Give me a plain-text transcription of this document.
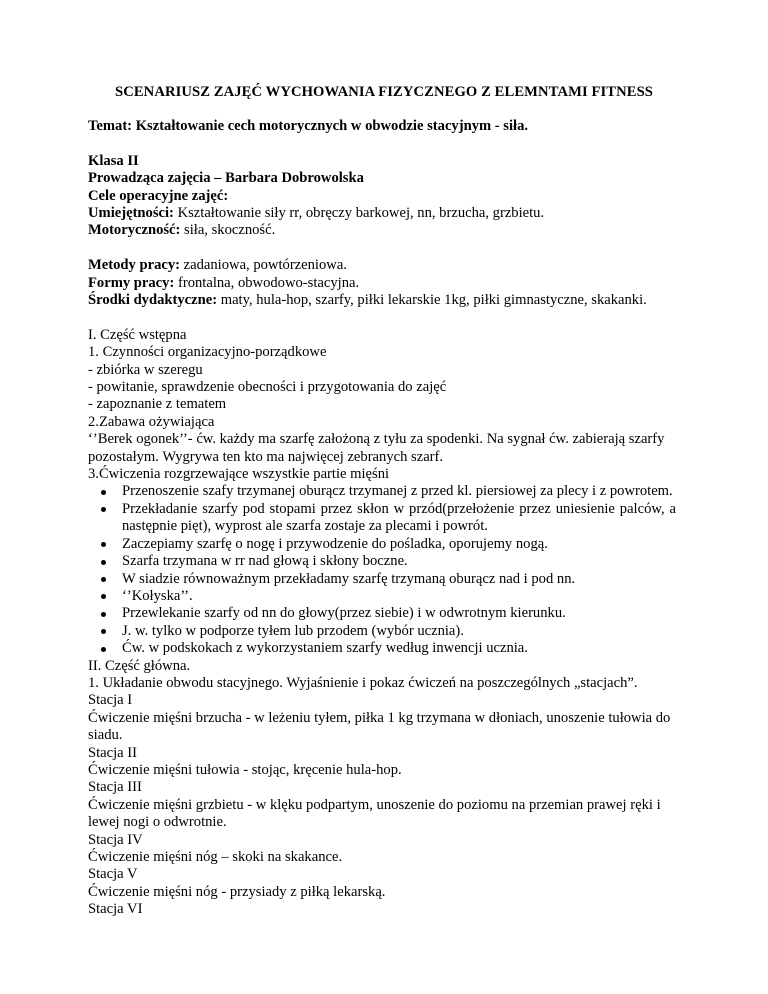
SCENARIUSZ ZAJĘĆ WYCHOWANIA FIZYCZNEGO Z ELEMNTAMI FITNESS

Temat: Kształtowanie cech motorycznych w obwodzie stacyjnym - siła.

Klasa II

Prowadząca zajęcia – Barbara Dobrowolska

Cele operacyjne zajęć:

Umiejętności: Kształtowanie siły rr, obręczy barkowej, nn, brzucha, grzbietu.

Motoryczność: siła, skoczność.

Metody pracy: zadaniowa, powtórzeniowa.

Formy pracy: frontalna, obwodowo-stacyjna.

Środki dydaktyczne: maty, hula-hop, szarfy, piłki lekarskie 1kg, piłki gimnastyczne, skakanki.

I. Część wstępna

1. Czynności organizacyjno-porządkowe

- zbiórka w szeregu

- powitanie, sprawdzenie obecności i przygotowania do zajęć

- zapoznanie z tematem

2.Zabawa ożywiająca

‘’Berek ogonek’’- ćw. każdy ma szarfę założoną z tyłu za spodenki. Na sygnał ćw. zabierają szarfy pozostałym. Wygrywa ten kto ma najwięcej zebranych szarf.

3.Ćwiczenia rozgrzewające wszystkie partie mięśni

Przenoszenie szafy trzymanej oburącz trzymanej z przed kl. piersiowej za plecy i z powrotem.
Przekładanie szarfy pod stopami przez skłon w przód(przełożenie przez uniesienie palców, a następnie pięt), wyprost ale szarfa zostaje za plecami i powrót.
Zaczepiamy szarfę o nogę i przywodzenie do pośladka, oporujemy nogą.
Szarfa trzymana w rr nad głową i skłony boczne.
W siadzie równoważnym przekładamy szarfę trzymaną oburącz nad i pod nn.
‘’Kołyska’’.
Przewlekanie szarfy od nn do głowy(przez siebie) i w odwrotnym kierunku.
J. w. tylko w podporze tyłem lub przodem (wybór ucznia).
Ćw. w podskokach z wykorzystaniem szarfy według inwencji ucznia.

II. Część główna.

1. Układanie obwodu stacyjnego. Wyjaśnienie i pokaz ćwiczeń na poszczególnych „stacjach”.

Stacja I

Ćwiczenie mięśni brzucha - w leżeniu tyłem, piłka 1 kg trzymana w dłoniach, unoszenie tułowia do siadu.

Stacja II

Ćwiczenie mięśni tułowia - stojąc, kręcenie hula-hop.

Stacja III

Ćwiczenie mięśni grzbietu - w klęku podpartym, unoszenie do poziomu na przemian prawej ręki i lewej nogi o odwrotnie.

Stacja IV

Ćwiczenie mięśni nóg – skoki na skakance.

Stacja V

Ćwiczenie mięśni nóg - przysiady z piłką lekarską.

Stacja VI
